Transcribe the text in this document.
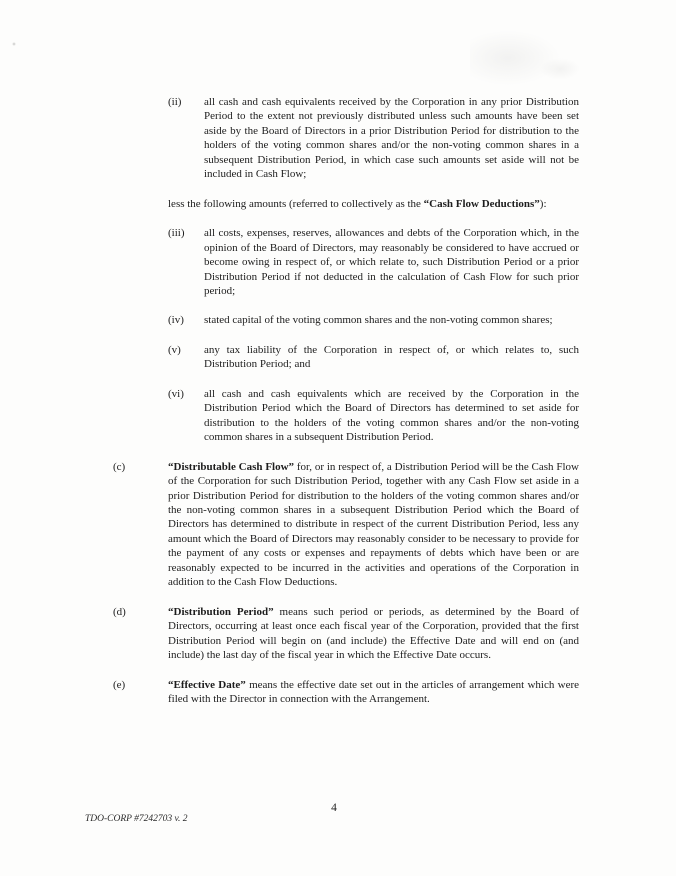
(ii)	all cash and cash equivalents received by the Corporation in any prior Distribution Period to the extent not previously distributed unless such amounts have been set aside by the Board of Directors in a prior Distribution Period for distribution to the holders of the voting common shares and/or the non-voting common shares in a subsequent Distribution Period, in which case such amounts set aside will not be included in Cash Flow;

less the following amounts (referred to collectively as the “Cash Flow Deductions”):

(iii)	all costs, expenses, reserves, allowances and debts of the Corporation which, in the opinion of the Board of Directors, may reasonably be considered to have accrued or become owing in respect of, or which relate to, such Distribution Period or a prior Distribution Period if not deducted in the calculation of Cash Flow for such prior period;
(iv)	stated capital of the voting common shares and the non-voting common shares;
(v)	any tax liability of the Corporation in respect of, or which relates to, such Distribution Period; and
(vi)	all cash and cash equivalents which are received by the Corporation in the Distribution Period which the Board of Directors has determined to set aside for distribution to the holders of the voting common shares and/or the non-voting common shares in a subsequent Distribution Period.
(c)	“Distributable Cash Flow” for, or in respect of, a Distribution Period will be the Cash Flow of the Corporation for such Distribution Period, together with any Cash Flow set aside in a prior Distribution Period for distribution to the holders of the voting common shares and/or the non-voting common shares in a subsequent Distribution Period which the Board of Directors has determined to distribute in respect of the current Distribution Period, less any amount which the Board of Directors may reasonably consider to be necessary to provide for the payment of any costs or expenses and repayments of debts which have been or are reasonably expected to be incurred in the activities and operations of the Corporation in addition to the Cash Flow Deductions.
(d)	“Distribution Period” means such period or periods, as determined by the Board of Directors, occurring at least once each fiscal year of the Corporation, provided that the first Distribution Period will begin on (and include) the Effective Date and will end on (and include) the last day of the fiscal year in which the Effective Date occurs.
(e)	“Effective Date” means the effective date set out in the articles of arrangement which were filed with the Director in connection with the Arrangement.
4
TDO-CORP #7242703 v. 2
